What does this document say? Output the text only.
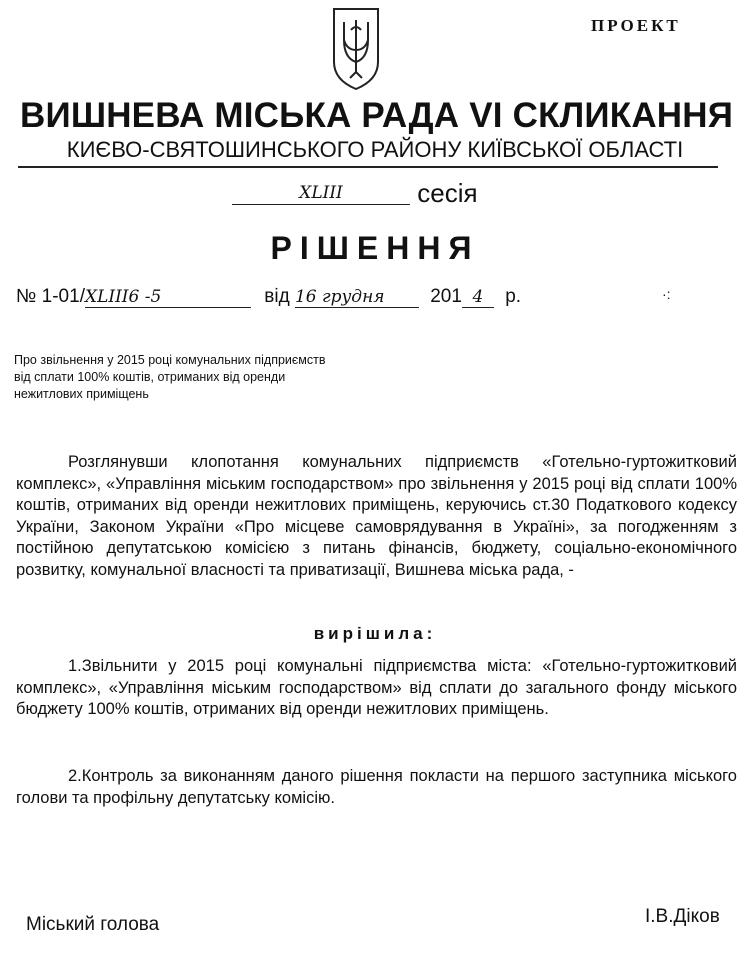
ПРОЕКТ
ВИШНЕВА МІСЬКА РАДА VI СКЛИКАННЯ
КИЄВО-СВЯТОШИНСЬКОГО РАЙОНУ КИЇВСЬКОЇ ОБЛАСТІ
XLIII	сесія
РІШЕННЯ
№ 1-01/XLIII6 -5	від 16 грудня 201 4 р.	·:
Про звільнення у 2015 році комунальних підприємств
від сплати 100% коштів, отриманих від оренди
нежитлових приміщень

Розглянувши клопотання комунальних підприємств «Готельно-гуртожитковий комплекс», «Управління міським господарством» про звільнення у 2015 році від сплати 100% коштів, отриманих від оренди нежитлових приміщень, керуючись ст.30 Податкового кодексу України, Законом України «Про місцеве самоврядування в Україні», за погодженням з постійною депутатською комісією з питань фінансів, бюджету, соціально-економічного розвитку, комунальної власності та приватизації, Вишнева міська рада, -

вирішила:

1.Звільнити у 2015 році комунальні підприємства міста: «Готельно-гуртожитковий комплекс», «Управління міським господарством» від сплати до загального фонду міського бюджету 100% коштів, отриманих від оренди нежитлових приміщень.

2.Контроль за виконанням даного рішення покласти на першого заступника міського голови та профільну депутатську комісію.

Міський голова	І.В.Діков
